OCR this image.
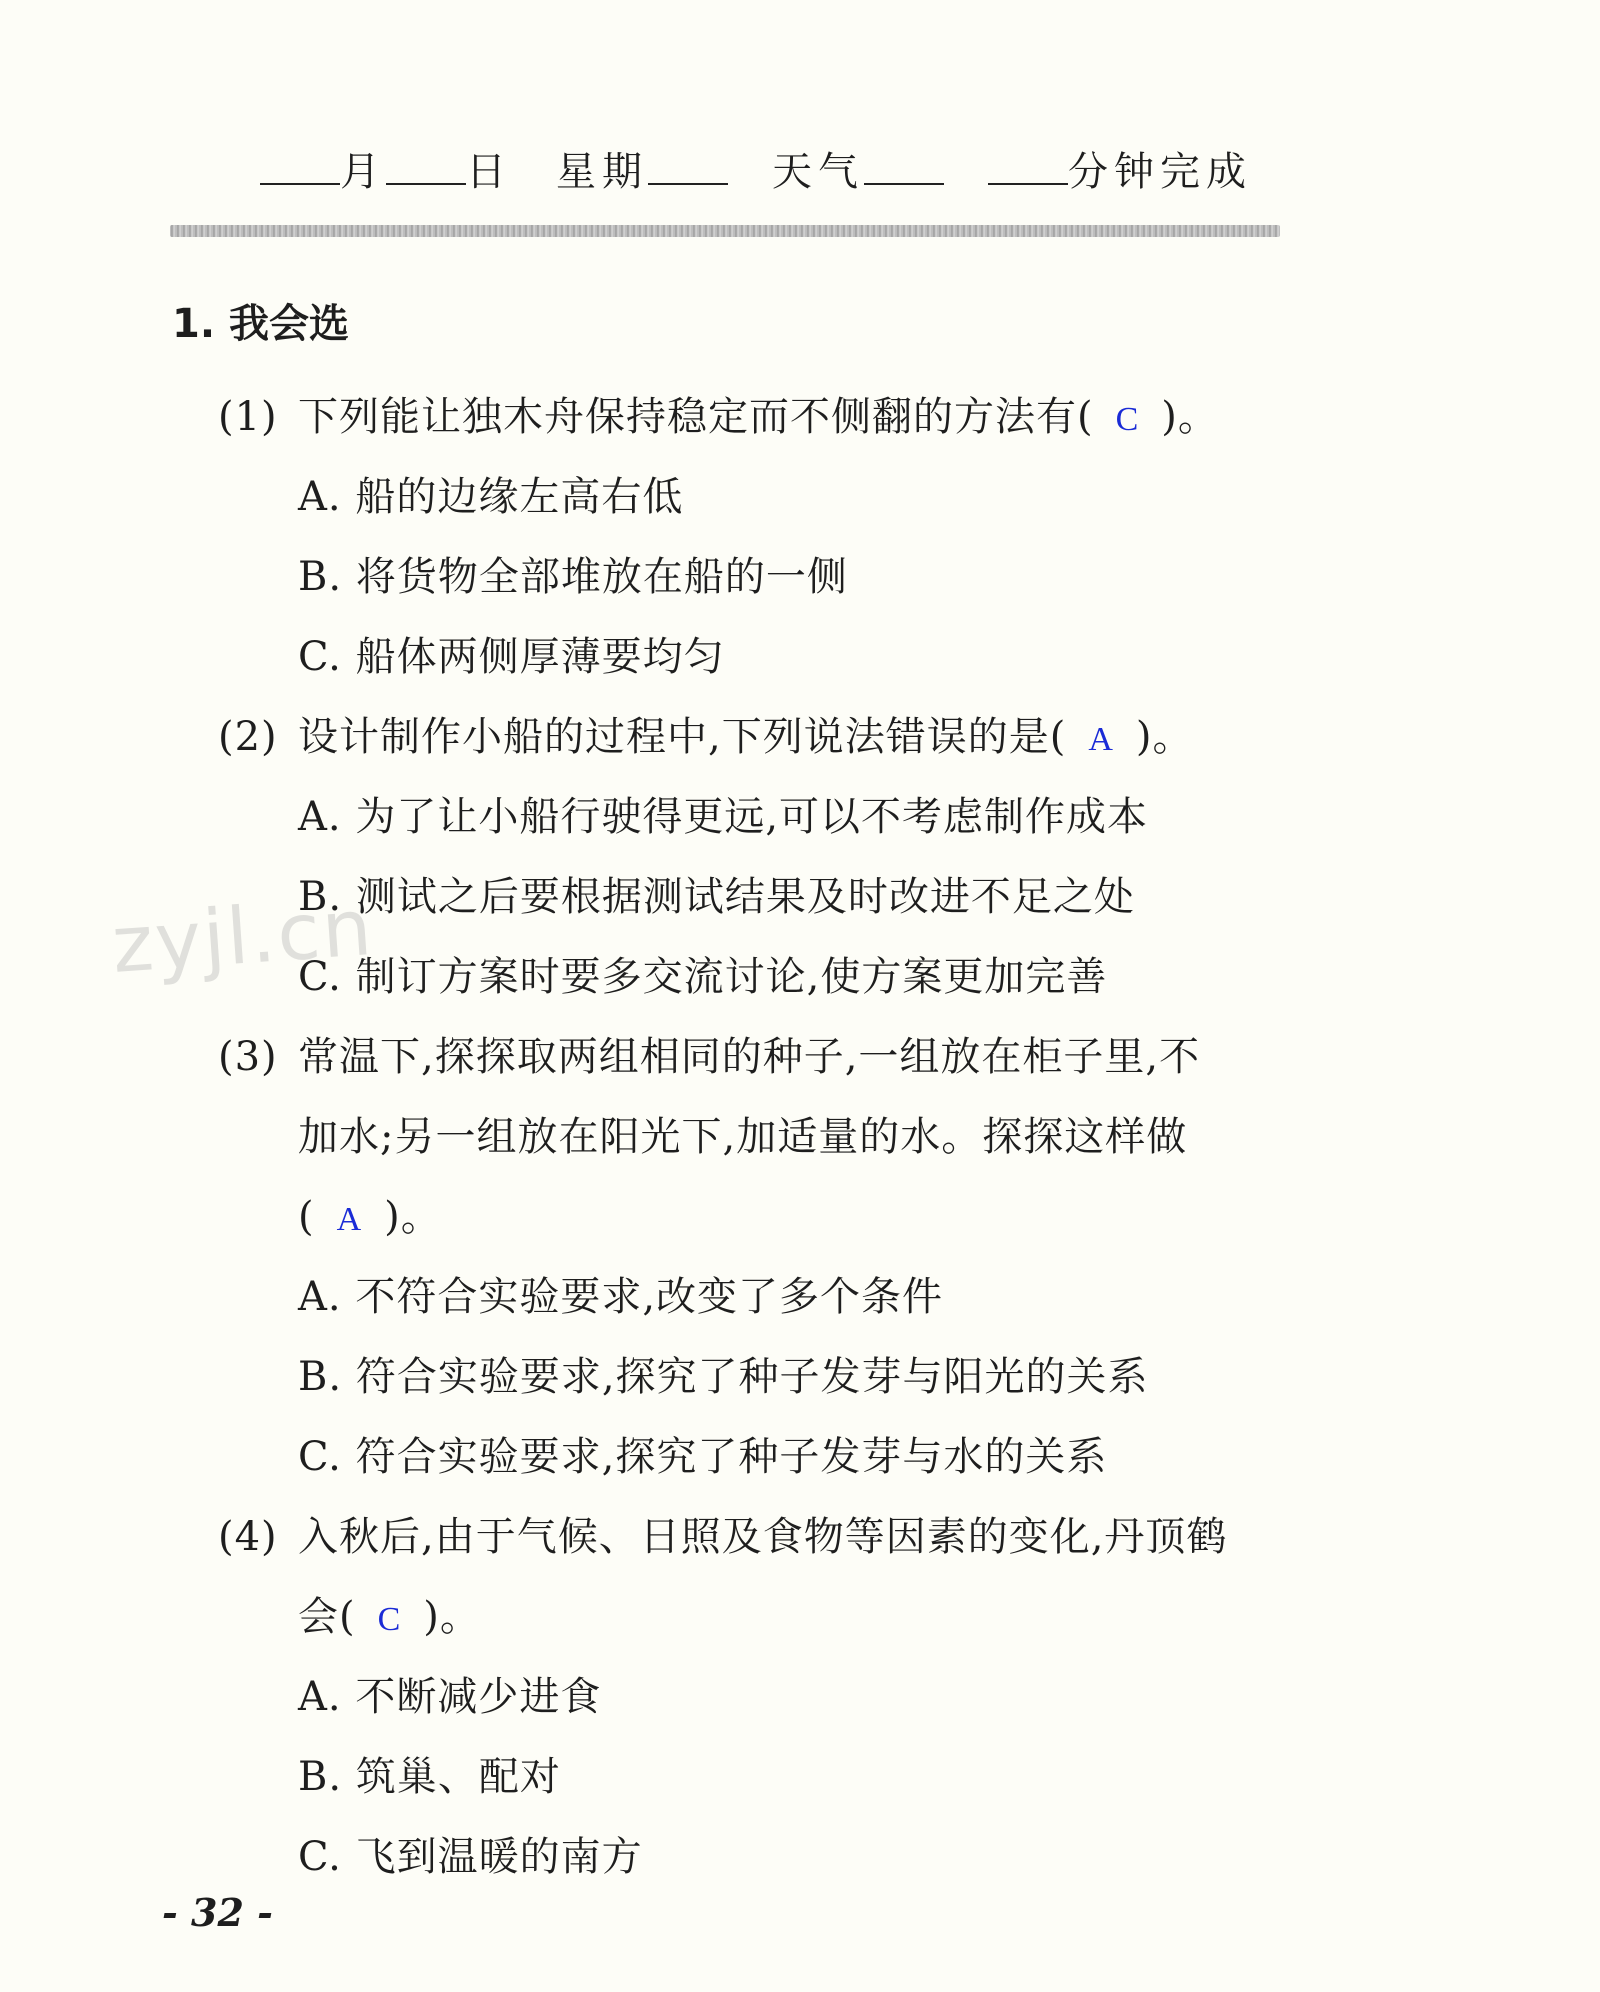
月 日 星期	天气	分钟完成
1. 我会选
(1) 下列能让独木舟保持稳定而不侧翻的方法有( C )。
A. 船的边缘左高右低
B. 将货物全部堆放在船的一侧
C. 船体两侧厚薄要均匀
(2) 设计制作小船的过程中,下列说法错误的是( A )。
A. 为了让小船行驶得更远,可以不考虑制作成本
B. 测试之后要根据测试结果及时改进不足之处
C. 制订方案时要多交流讨论,使方案更加完善
zyjl.cn
(3) 常温下,探探取两组相同的种子,一组放在柜子里,不
加水;另一组放在阳光下,加适量的水。探探这样做
( A )。
A. 不符合实验要求,改变了多个条件
B. 符合实验要求,探究了种子发芽与阳光的关系
C. 符合实验要求,探究了种子发芽与水的关系
(4) 入秋后,由于气候、日照及食物等因素的变化,丹顶鹤
会( C )。
A. 不断减少进食
B. 筑巢、配对
C. 飞到温暖的南方
- 32 -
